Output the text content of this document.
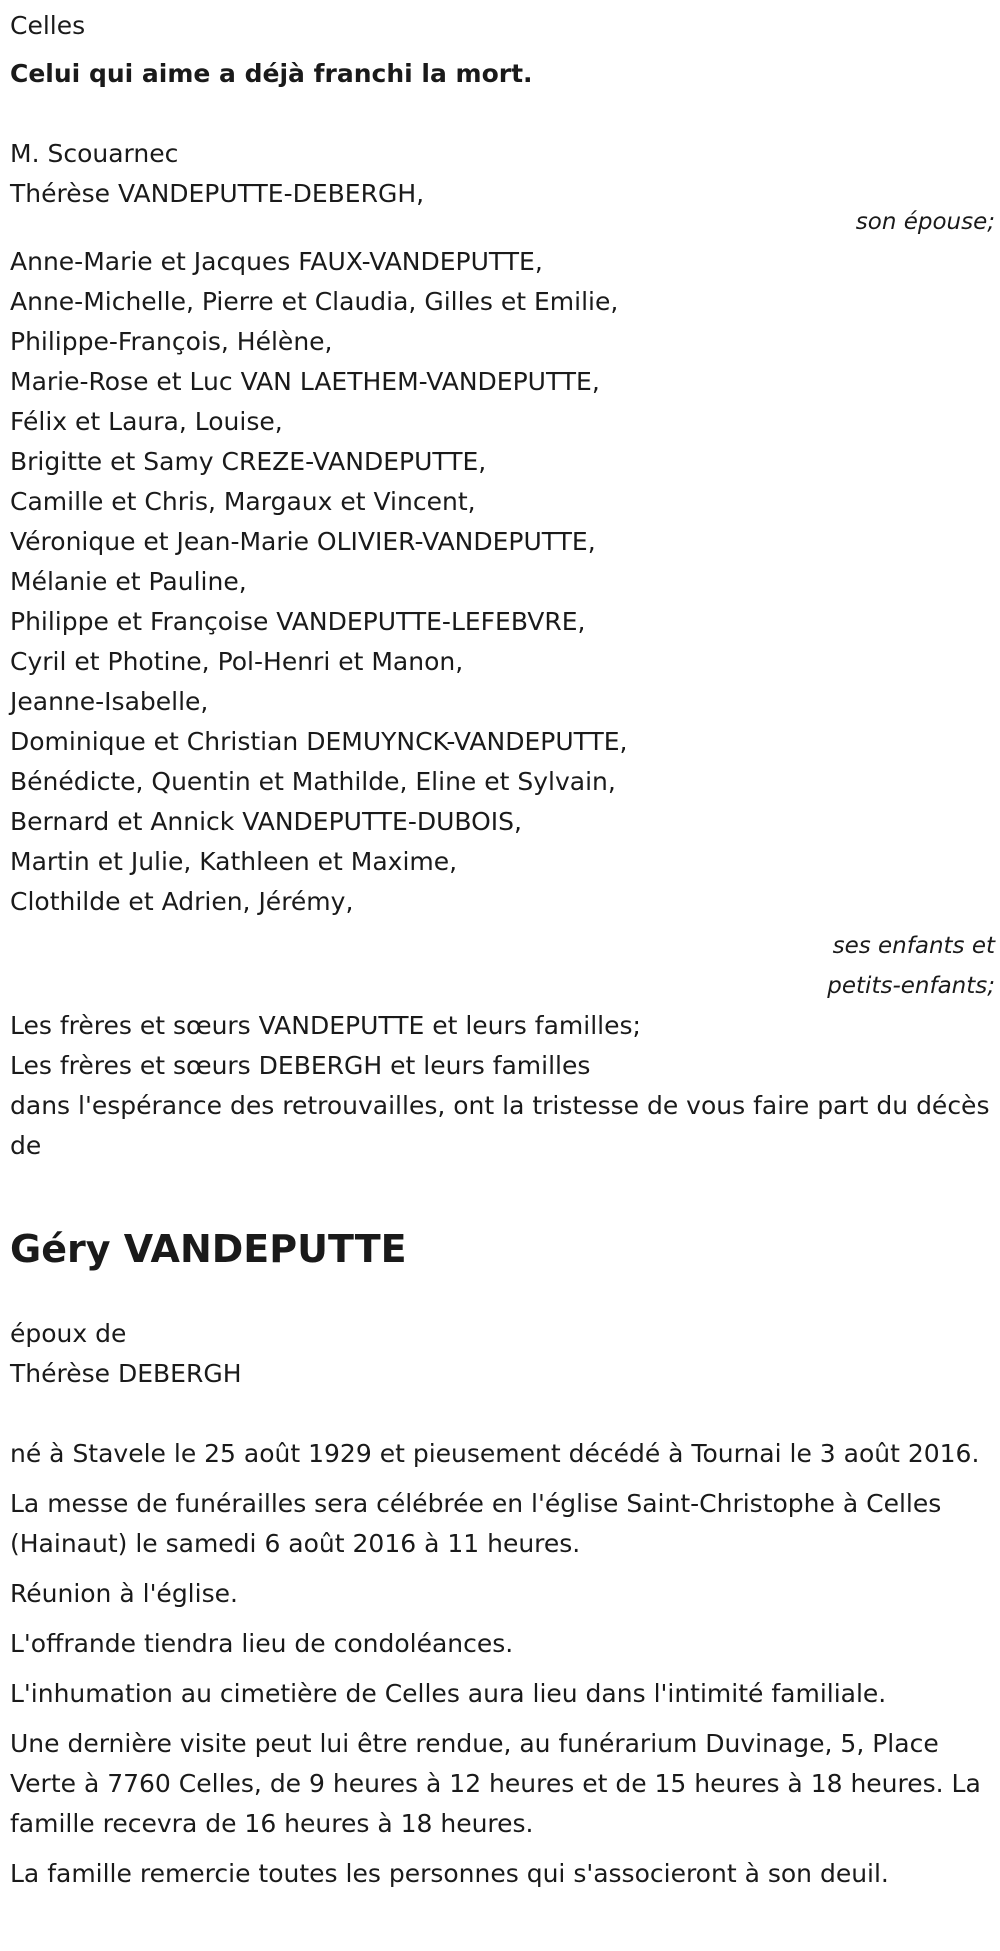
Celles

Celui qui aime a déjà franchi la mort.

M. Scouarnec

Thérèse VANDEPUTTE-DEBERGH,

son épouse;

Anne-Marie et Jacques FAUX-VANDEPUTTE,

Anne-Michelle, Pierre et Claudia, Gilles et Emilie,

Philippe-François, Hélène,

Marie-Rose et Luc VAN LAETHEM-VANDEPUTTE,

Félix et Laura, Louise,

Brigitte et Samy CREZE-VANDEPUTTE,

Camille et Chris, Margaux et Vincent,

Véronique et Jean-Marie OLIVIER-VANDEPUTTE,

Mélanie et Pauline,

Philippe et Françoise VANDEPUTTE-LEFEBVRE,

Cyril et Photine, Pol-Henri et Manon,

Jeanne-Isabelle,

Dominique et Christian DEMUYNCK-VANDEPUTTE,

Bénédicte, Quentin et Mathilde, Eline et Sylvain,

Bernard et Annick VANDEPUTTE-DUBOIS,

Martin et Julie, Kathleen et Maxime,

Clothilde et Adrien, Jérémy,

ses enfants et

petits-enfants;

Les frères et sœurs VANDEPUTTE et leurs familles;

Les frères et sœurs DEBERGH et leurs familles

dans l'espérance des retrouvailles, ont la tristesse de vous faire part du décès de

Géry VANDEPUTTE

époux de

Thérèse DEBERGH

né à Stavele le 25 août 1929 et pieusement décédé à Tournai le 3 août 2016.

La messe de funérailles sera célébrée en l'église Saint-Christophe à Celles (Hainaut) le samedi 6 août 2016 à 11 heures.

Réunion à l'église.

L'offrande tiendra lieu de condoléances.

L'inhumation au cimetière de Celles aura lieu dans l'intimité familiale.

Une dernière visite peut lui être rendue, au funérarium Duvinage, 5, Place Verte à 7760 Celles, de 9 heures à 12 heures et de 15 heures à 18 heures. La famille recevra de 16 heures à 18 heures.

La famille remercie toutes les personnes qui s'associeront à son deuil.
